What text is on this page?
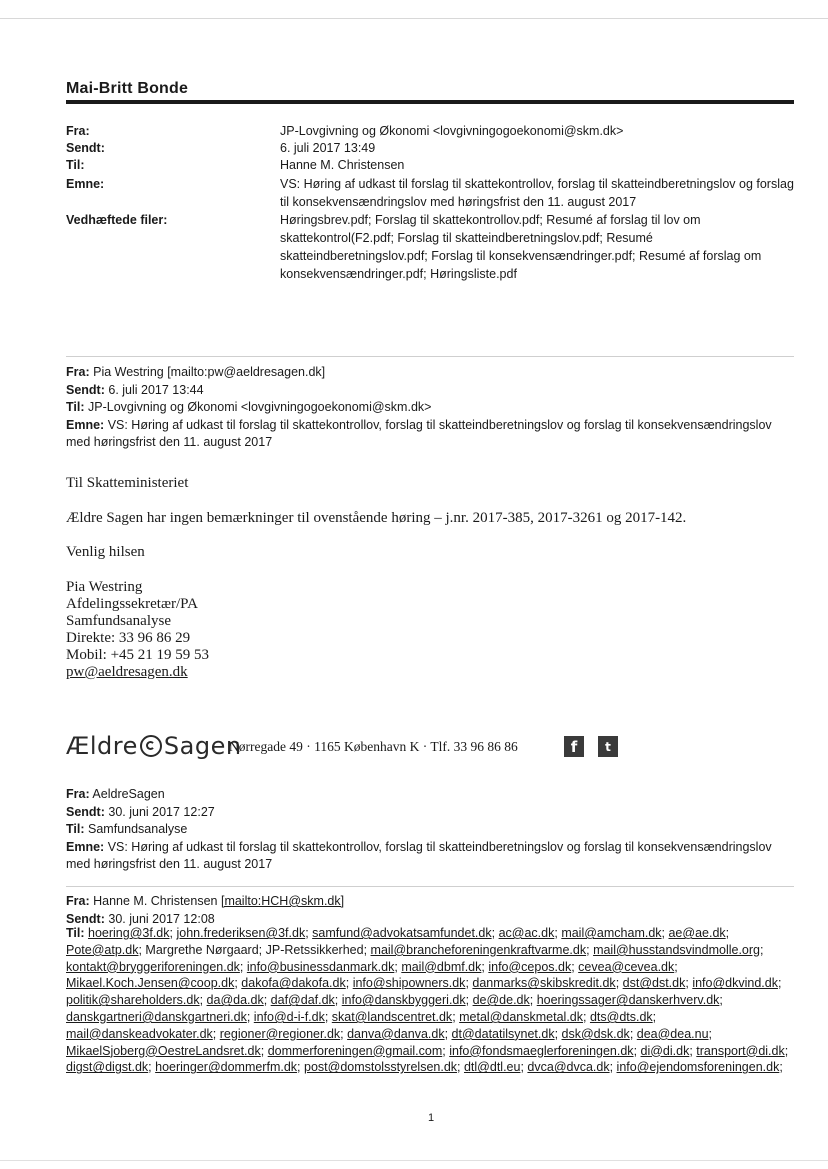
Mai-Britt Bonde
Fra:	JP-Lovgivning og Økonomi <lovgivningogoekonomi@skm.dk>
Sendt:	6. juli 2017 13:49
Til:	Hanne M. Christensen
Emne:	VS: Høring af udkast til forslag til skattekontrollov, forslag til skatteindberetningslov og forslag til konsekvensændringslov med høringsfrist den 11. august 2017
Vedhæftede filer:	Høringsbrev.pdf; Forslag til skattekontrollov.pdf; Resumé af forslag til lov om skattekontrol(F2.pdf; Forslag til skatteindberetningslov.pdf; Resumé skatteindberetningslov.pdf; Forslag til konsekvensændringer.pdf; Resumé af forslag om konsekvensændringer.pdf; Høringsliste.pdf
Fra: Pia Westring [mailto:pw@aeldresagen.dk]
Sendt: 6. juli 2017 13:44
Til: JP-Lovgivning og Økonomi <lovgivningogoekonomi@skm.dk>
Emne: VS: Høring af udkast til forslag til skattekontrollov, forslag til skatteindberetningslov og forslag til konsekvensændringslov med høringsfrist den 11. august 2017
Til Skatteministeriet
Ældre Sagen har ingen bemærkninger til ovenstående høring – j.nr. 2017-385, 2017-3261 og 2017-142.
Venlig hilsen
Pia Westring
Afdelingssekretær/PA
Samfundsanalyse
Direkte: 33 96 86 29
Mobil: +45 21 19 59 53
pw@aeldresagen.dk
Ældre Sagen
Nørregade 49 · 1165 København K · Tlf. 33 96 86 86	f	t
Fra: AeldreSagen
Sendt: 30. juni 2017 12:27
Til: Samfundsanalyse
Emne: VS: Høring af udkast til forslag til skattekontrollov, forslag til skatteindberetningslov og forslag til konsekvensændringslov med høringsfrist den 11. august 2017
Fra: Hanne M. Christensen [mailto:HCH@skm.dk]
Sendt: 30. juni 2017 12:08
Til: hoering@3f.dk; john.frederiksen@3f.dk; samfund@advokatsamfundet.dk; ac@ac.dk; mail@amcham.dk; ae@ae.dk; Pote@atp.dk; Margrethe Nørgaard; JP-Retssikkerhed; mail@brancheforeningenkraftvarme.dk; mail@husstandsvindmolle.org; kontakt@bryggeriforeningen.dk; info@businessdanmark.dk; mail@dbmf.dk; info@cepos.dk; cevea@cevea.dk; Mikael.Koch.Jensen@coop.dk; dakofa@dakofa.dk; info@shipowners.dk; danmarks@skibskredit.dk; dst@dst.dk; info@dkvind.dk; politik@shareholders.dk; da@da.dk; daf@daf.dk; info@danskbyggeri.dk; de@de.dk; hoeringssager@danskerhverv.dk; danskgartneri@danskgartneri.dk; info@d-i-f.dk; skat@landscentret.dk; metal@danskmetal.dk; dts@dts.dk; mail@danskeadvokater.dk; regioner@regioner.dk; danva@danva.dk; dt@datatilsynet.dk; dsk@dsk.dk; dea@dea.nu; MikaelSjoberg@OestreLandsret.dk; dommerforeningen@gmail.com; info@fondsmaeglerforeningen.dk; di@di.dk; transport@di.dk; digst@digst.dk; hoeringer@dommerfm.dk; post@domstolsstyrelsen.dk; dtl@dtl.eu; dvca@dvca.dk; info@ejendomsforeningen.dk;
1
